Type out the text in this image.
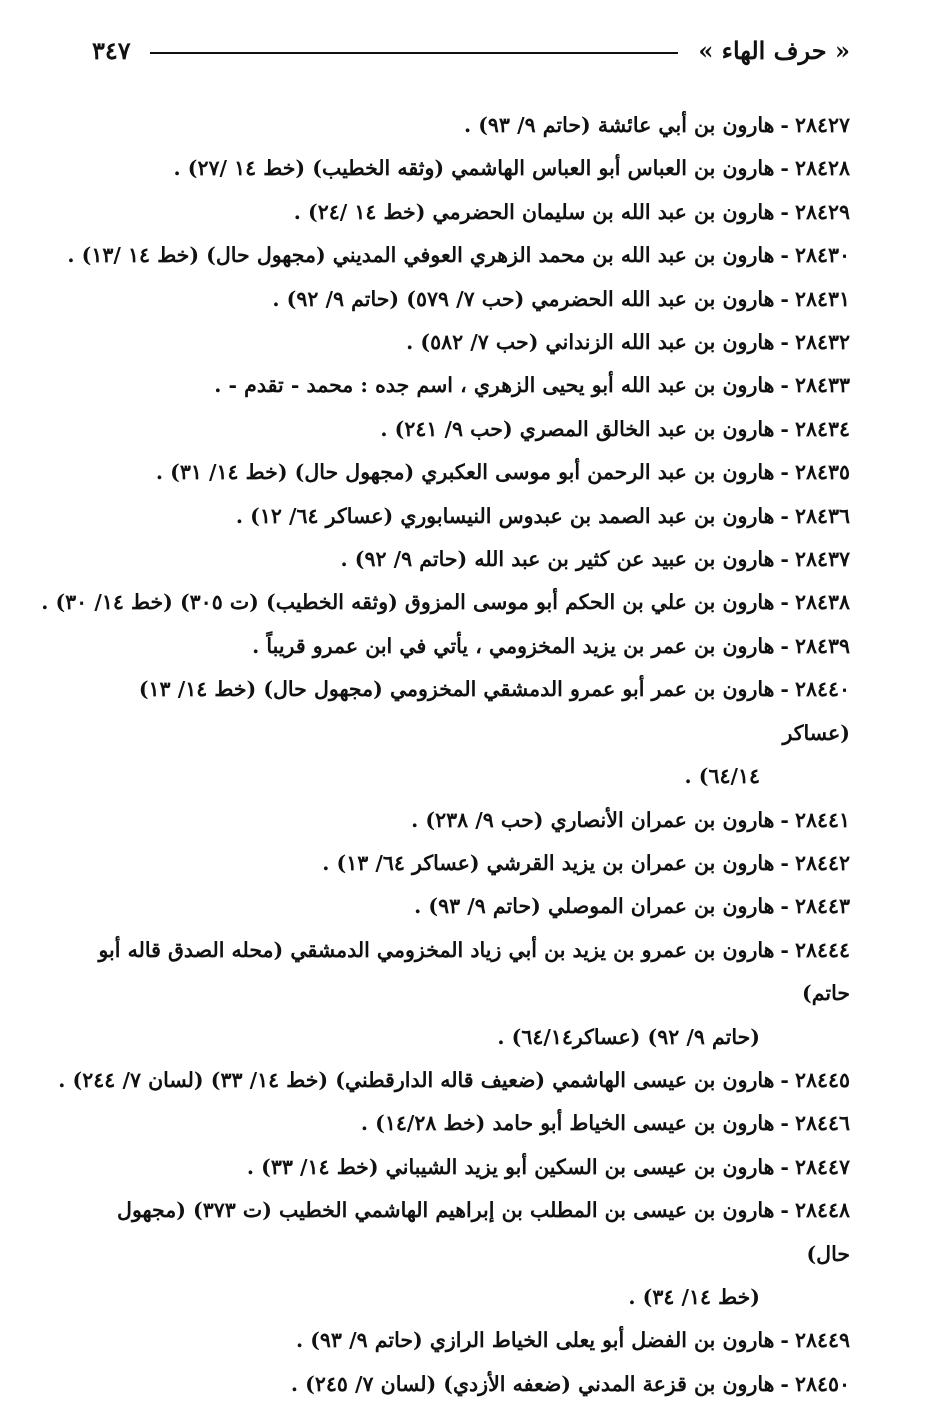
« حرف الهاء »
٣٤٧
٢٨٤٢٧-هارون بن أبي عائشة (حاتم ٩/ ٩٣) .
٢٨٤٢٨-هارون بن العباس أبو العباس الهاشمي (وثقه الخطيب) (خط ١٤ /٢٧) .
٢٨٤٢٩-هارون بن عبد الله بن سليمان الحضرمي (خط ١٤ /٢٤) .
٢٨٤٣٠-هارون بن عبد الله بن محمد الزهري العوفي المديني (مجهول حال) (خط ١٤ /١٣) .
٢٨٤٣١-هارون بن عبد الله الحضرمي (حب ٧/ ٥٧٩) (حاتم ٩/ ٩٢) .
٢٨٤٣٢-هارون بن عبد الله الزنداني (حب ٧/ ٥٨٢) .
٢٨٤٣٣-هارون بن عبد الله أبو يحيى الزهري ، اسم جده : محمد - تقدم - .
٢٨٤٣٤-هارون بن عبد الخالق المصري (حب ٩/ ٢٤١) .
٢٨٤٣٥-هارون بن عبد الرحمن أبو موسى العكبري (مجهول حال) (خط ١٤/ ٣١) .
٢٨٤٣٦-هارون بن عبد الصمد بن عبدوس النيسابوري (عساكر ٦٤/ ١٢) .
٢٨٤٣٧-هارون بن عبيد عن كثير بن عبد الله (حاتم ٩/ ٩٢) .
٢٨٤٣٨-هارون بن علي بن الحكم أبو موسى المزوق (وثقه الخطيب) (ت ٣٠٥) (خط ١٤/ ٣٠) .
٢٨٤٣٩-هارون بن عمر بن يزيد المخزومي ، يأتي في ابن عمرو قريباً .
٢٨٤٤٠-هارون بن عمر أبو عمرو الدمشقي المخزومي (مجهول حال) (خط ١٤/ ١٣) (عساكر
٦٤/١٤) .
٢٨٤٤١-هارون بن عمران الأنصاري (حب ٩/ ٢٣٨) .
٢٨٤٤٢-هارون بن عمران بن يزيد القرشي (عساكر ٦٤/ ١٣) .
٢٨٤٤٣-هارون بن عمران الموصلي (حاتم ٩/ ٩٣) .
٢٨٤٤٤-هارون بن عمرو بن يزيد بن أبي زياد المخزومي الدمشقي (محله الصدق قاله أبو حاتم)
(حاتم ٩/ ٩٢) (عساكر٦٤/١٤) .
٢٨٤٤٥-هارون بن عيسى الهاشمي (ضعيف قاله الدارقطني) (خط ١٤/ ٣٣) (لسان ٧/ ٢٤٤) .
٢٨٤٤٦-هارون بن عيسى الخياط أبو حامد (خط ١٤/٢٨) .
٢٨٤٤٧-هارون بن عيسى بن السكين أبو يزيد الشيباني (خط ١٤/ ٣٣) .
٢٨٤٤٨-هارون بن عيسى بن المطلب بن إبراهيم الهاشمي الخطيب (ت ٣٧٣) (مجهول حال)
(خط ١٤/ ٣٤) .
٢٨٤٤٩-هارون بن الفضل أبو يعلى الخياط الرازي (حاتم ٩/ ٩٣) .
٢٨٤٥٠-هارون بن قزعة المدني (ضعفه الأزدي) (لسان ٧/ ٢٤٥) .
